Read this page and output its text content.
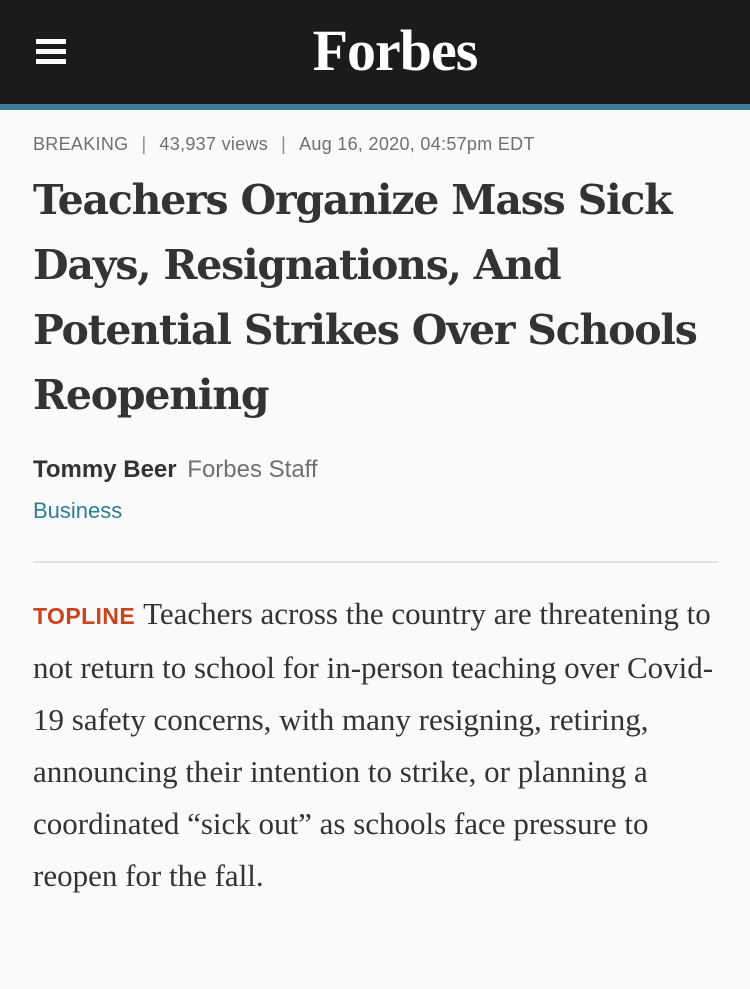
Forbes
BREAKING | 43,937 views | Aug 16, 2020, 04:57pm EDT
Teachers Organize Mass Sick Days, Resignations, And Potential Strikes Over Schools Reopening
Tommy Beer Forbes Staff
Business

TOPLINE Teachers across the country are threatening to not return to school for in-person teaching over Covid-19 safety concerns, with many resigning, retiring, announcing their intention to strike, or planning a coordinated “sick out” as schools face pressure to reopen for the fall.
